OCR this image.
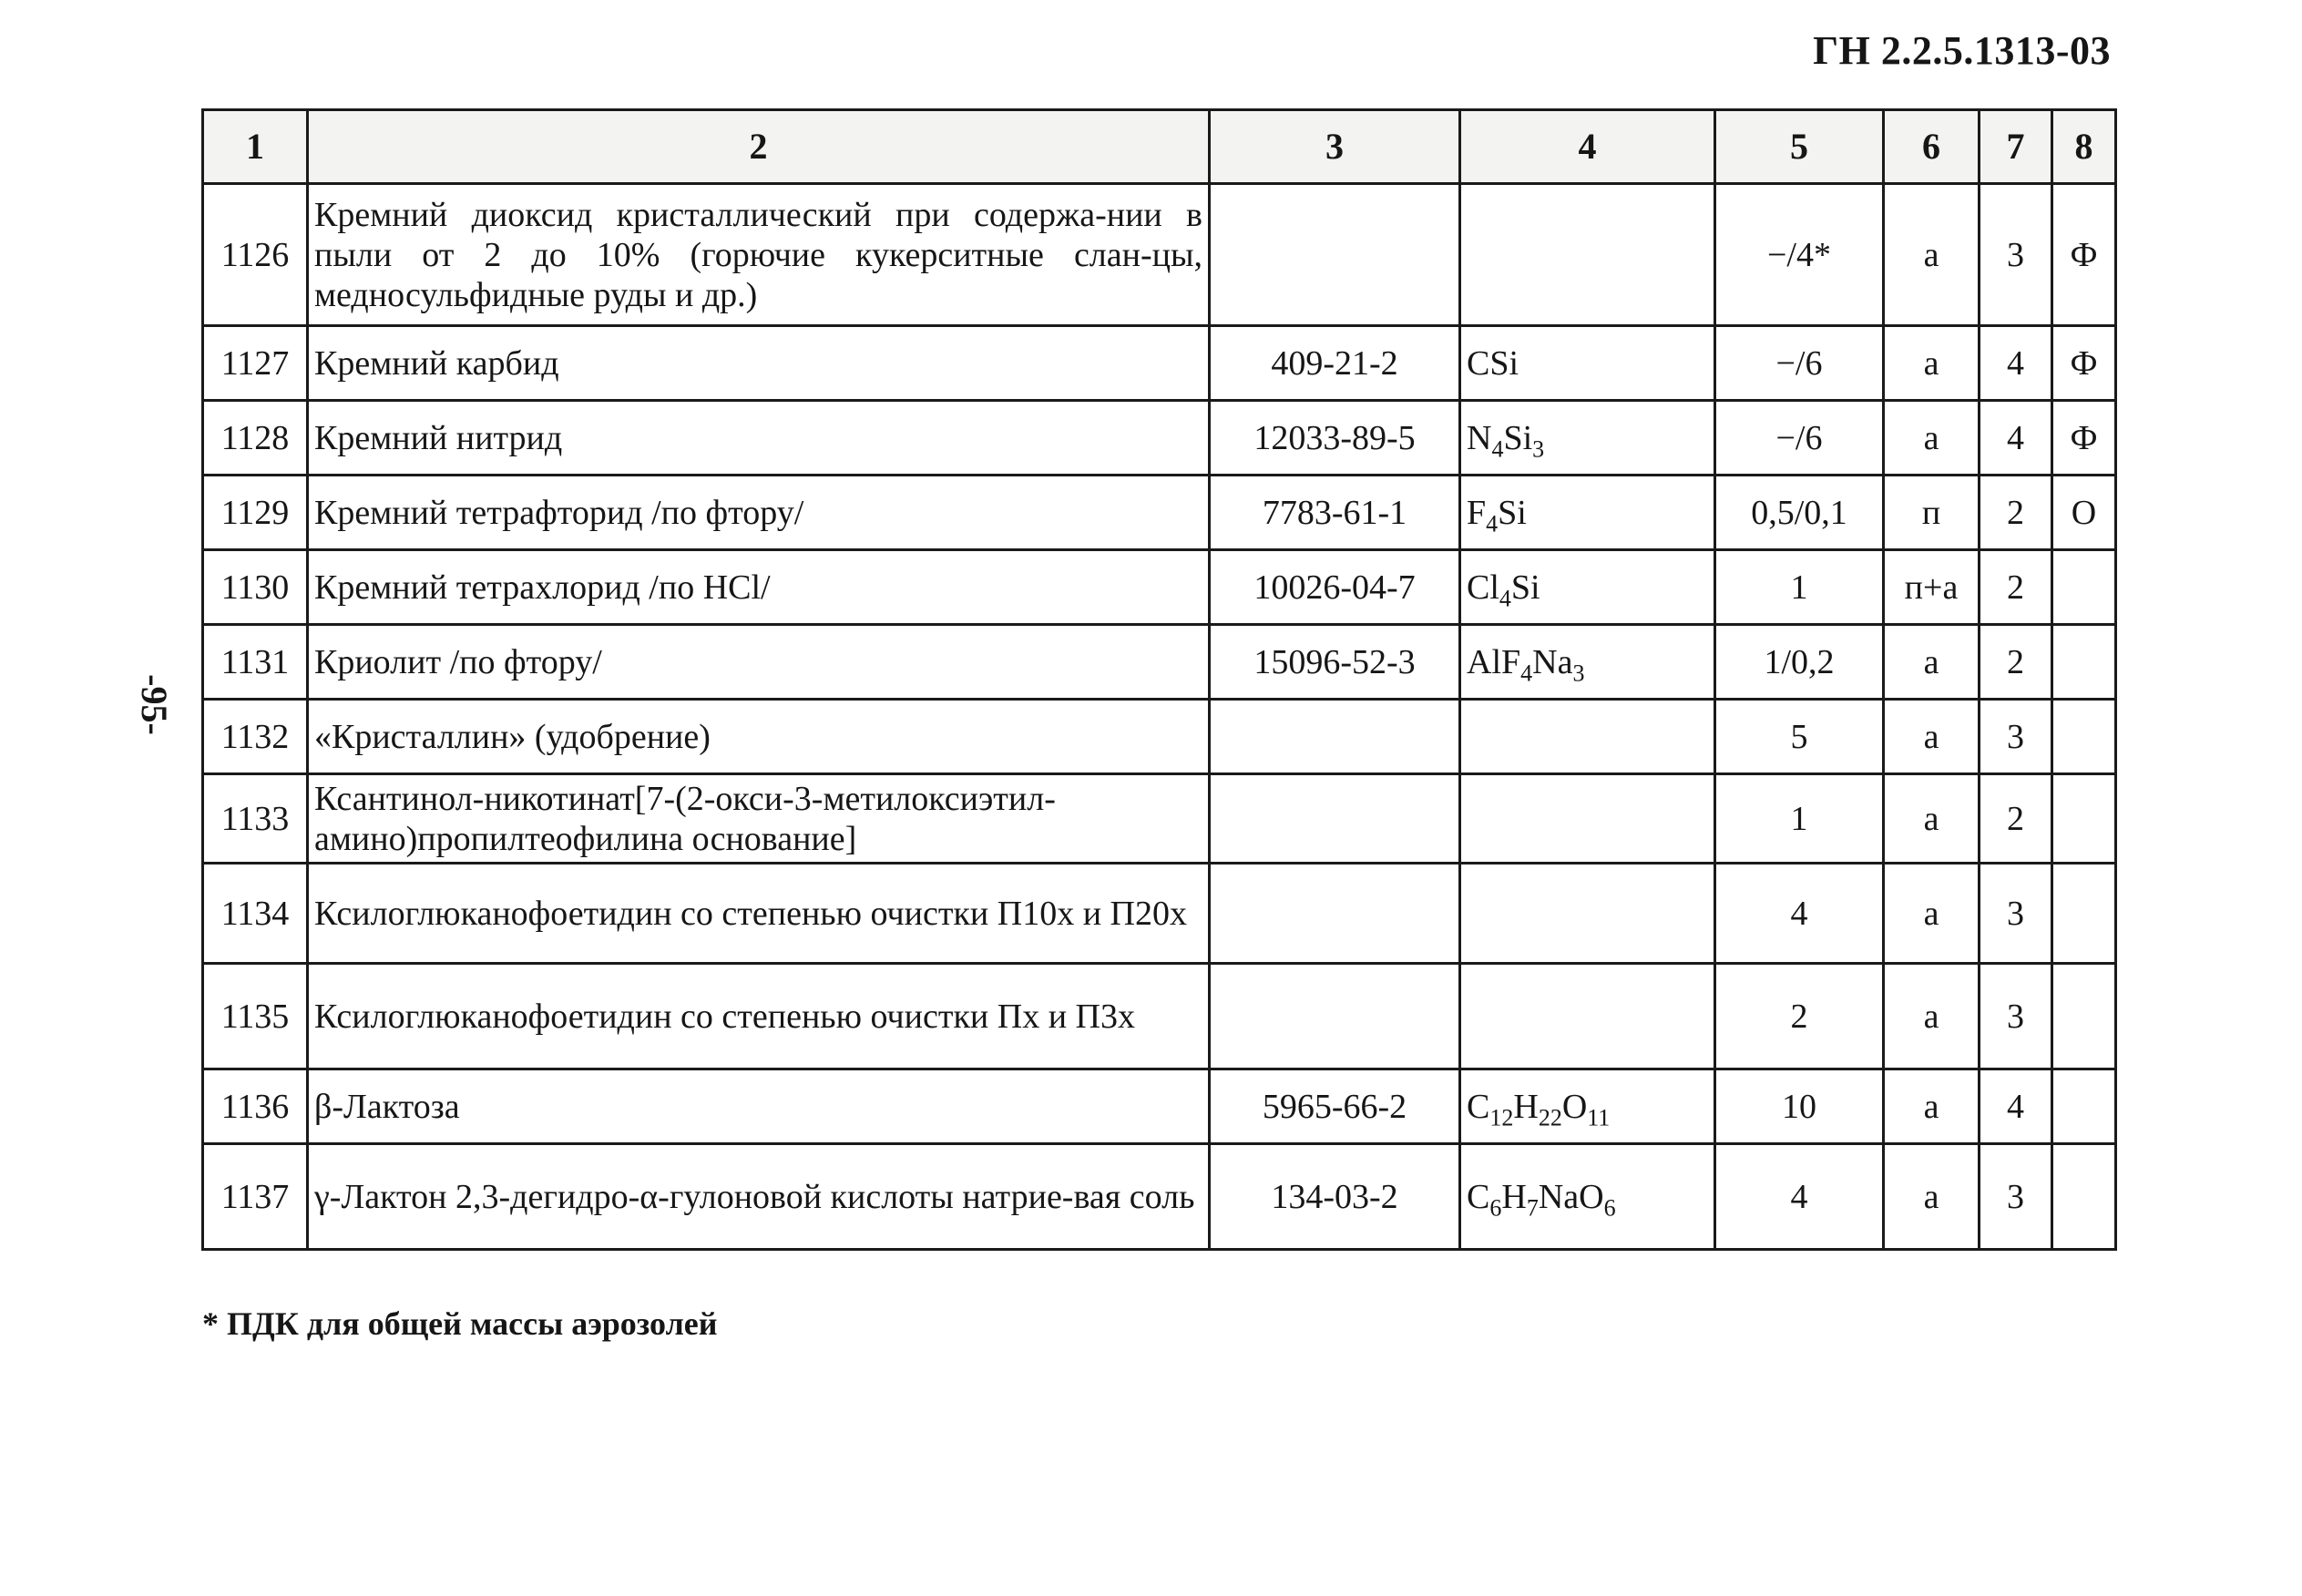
ГН 2.2.5.1313-03
-95-
1	2	3	4	5	6	7	8
1126	Кремний диоксид кристаллический при содержа-нии в пыли от 2 до 10% (горючие кукерситные слан-цы, медносульфидные руды и др.)			−/4*	а	3	Ф
1127	Кремний карбид	409-21-2	CSi	−/6	а	4	Ф
1128	Кремний нитрид	12033-89-5	$N_4Si_3$	−/6	а	4	Ф
1129	Кремний тетрафторид /по фтору/	7783-61-1	$F_4Si$	0,5/0,1	п	2	О
1130	Кремний тетрахлорид /по HCl/	10026-04-7	$Cl_4Si$	1	п+а	2	
1131	Криолит /по фтору/	15096-52-3	$AlF_4Na_3$	1/0,2	а	2	
1132	«Кристаллин» (удобрение)			5	а	3	
1133	Ксантинол-никотинат[7-(2-окси-3-метилоксиэтил-амино)пропилтеофилина основание]			1	а	2	
1134	Ксилоглюканофоетидин со степенью очистки П10х и П20х			4	а	3	
1135	Ксилоглюканофоетидин со степенью очистки Пх и П3х			2	а	3	
1136	β-Лактоза	5965-66-2	$C_{12}H_{22}O_{11}$	10	а	4	
1137	γ-Лактон 2,3-дегидро-α-гулоновой кислоты натрие-вая соль	134-03-2	$C_6H_7NaO_6$	4	а	3	
* ПДК для общей массы аэрозолей
